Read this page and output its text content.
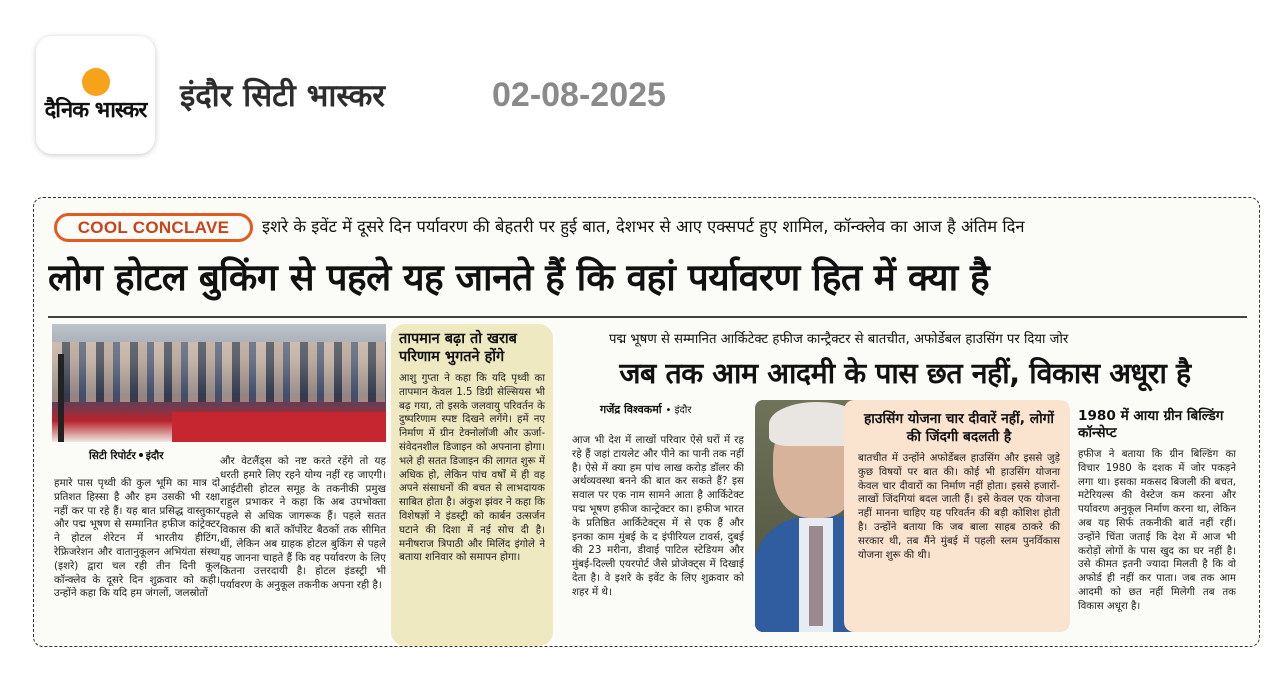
दैनिक भास्कर इंदौर सिटी भास्कर	02-08-2025
COOL CONCLAVE	इशरे के इवेंट में दूसरे दिन पर्यावरण की बेहतरी पर हुई बात, देशभर से आए एक्सपर्ट हुए शामिल, कॉन्क्लेव का आज है अंतिम दिन
लोग होटल बुकिंग से पहले यह जानते हैं कि वहां पर्यावरण हित में क्या है
तापमान बढ़ा तो खराब परिणाम भुगतने होंगे
आशु गुप्ता ने कहा कि यदि पृथ्वी का तापमान केवल 1.5 डिग्री सेल्सियस भी बढ़ गया, तो इसके जलवायु परिवर्तन के दुष्परिणाम स्पष्ट दिखने लगेंगे। हमें नए निर्माण में ग्रीन टेक्नोलॉजी और ऊर्जा-संवेदनशील डिजाइन को अपनाना होगा। भले ही सतत डिजाइन की लागत शुरू में अधिक हो, लेकिन पांच वर्षों में ही वह अपने संसाधनों की बचत से लाभदायक साबित होता है। अंकुश झंवर ने कहा कि विशेषज्ञों ने इंडस्ट्री को कार्बन उत्सर्जन घटाने की दिशा में नई सोच दी है। मनीषराज त्रिपाठी और मिलिंद इंगोले ने बताया शनिवार को समापन होगा।
सिटी रिपोर्टर इंदौर
हमारे पास पृथ्वी की कुल भूमि का मात्र दो प्रतिशत हिस्सा है और हम उसकी भी रक्षा नहीं कर पा रहे हैं। यह बात प्रसिद्ध वास्तुकार और पद्म भूषण से सम्मानित हफीज कांट्रेक्टर ने होटल शेरेटन में भारतीय हीटिंग, रेफ्रिजरेशन और वातानुकूलन अभियंता संस्था (इशरे) द्वारा चल रही तीन दिनी कूल कॉन्क्लेव के दूसरे दिन शुक्रवार को कही। उन्होंने कहा कि यदि हम जंगलों, जलस्रोतों
और वेटलैंड्स को नष्ट करते रहेंगे तो यह धरती हमारे लिए रहने योग्य नहीं रह जाएगी। आईटीसी होटल समूह के तकनीकी प्रमुख राहुल प्रभाकर ने कहा कि अब उपभोक्ता पहले से अधिक जागरूक हैं। पहले सतत विकास की बातें कॉर्पोरेट बैठकों तक सीमित थीं, लेकिन अब ग्राहक होटल बुकिंग से पहले यह जानना चाहते हैं कि वह पर्यावरण के लिए कितना उत्तरदायी है। होटल इंडस्ट्री भी पर्यावरण के अनुकूल तकनीक अपना रही है।
पद्म भूषण से सम्मानित आर्किटेक्ट हफीज कान्ट्रैक्टर से बातचीत, अफोर्डेबल हाउसिंग पर दिया जोर
जब तक आम आदमी के पास छत नहीं, विकास अधूरा है
गजेंद्र विश्वकर्मा • इंदौर
आज भी देश में लाखों परिवार ऐसे घरों में रह रहे हैं जहां टायलेट और पीने का पानी तक नहीं है। ऐसे में क्या हम पांच लाख करोड़ डॉलर की अर्थव्यवस्था बनने की बात कर सकते हैं? इस सवाल पर एक नाम सामने आता है आर्किटेक्ट पद्म भूषण हफीज कान्ट्रेक्टर का। हफीज भारत के प्रतिष्ठित आर्किटेक्ट्स में से एक हैं और इनका काम मुंबई के द इंपीरियल टावर्स, दुबई की 23 मरीना, डीवाई पाटिल स्टेडियम और मुंबई-दिल्ली एयरपोर्ट जैसे प्रोजेक्ट्स में दिखाई देता है। वे इशरे के इवेंट के लिए शुक्रवार को शहर में थे।
हाउसिंग योजना चार दीवारें नहीं, लोगों की जिंदगी बदलती है
बातचीत में उन्होंने अफोर्डेबल हाउसिंग और इससे जुड़े कुछ विषयों पर बात की। कोई भी हाउसिंग योजना केवल चार दीवारों का निर्माण नहीं होता। इससे हजारों-लाखों जिंदगियां बदल जाती हैं। इसे केवल एक योजना नहीं मानना चाहिए यह परिवर्तन की बड़ी कोशिश होती है। उन्होंने बताया कि जब बाला साहब ठाकरे की सरकार थी, तब मैंने मुंबई में पहली स्लम पुनर्विकास योजना शुरू की थी।
1980 में आया ग्रीन बिल्डिंग कॉन्सेप्ट
हफीज ने बताया कि ग्रीन बिल्डिंग का विचार 1980 के दशक में जोर पकड़ने लगा था। इसका मकसद बिजली की बचत, मटेरियल्स की वेस्टेज कम करना और पर्यावरण अनुकूल निर्माण करना था, लेकिन अब यह सिर्फ तकनीकी बातें नहीं रहीं। उन्होंने चिंता जताई कि देश में आज भी करोड़ों लोगों के पास खुद का घर नहीं है। उसे कीमत इतनी ज्यादा मिलती है कि वो अफोर्ड ही नहीं कर पाता। जब तक आम आदमी को छत नहीं मिलेगी तब तक विकास अधूरा है।
